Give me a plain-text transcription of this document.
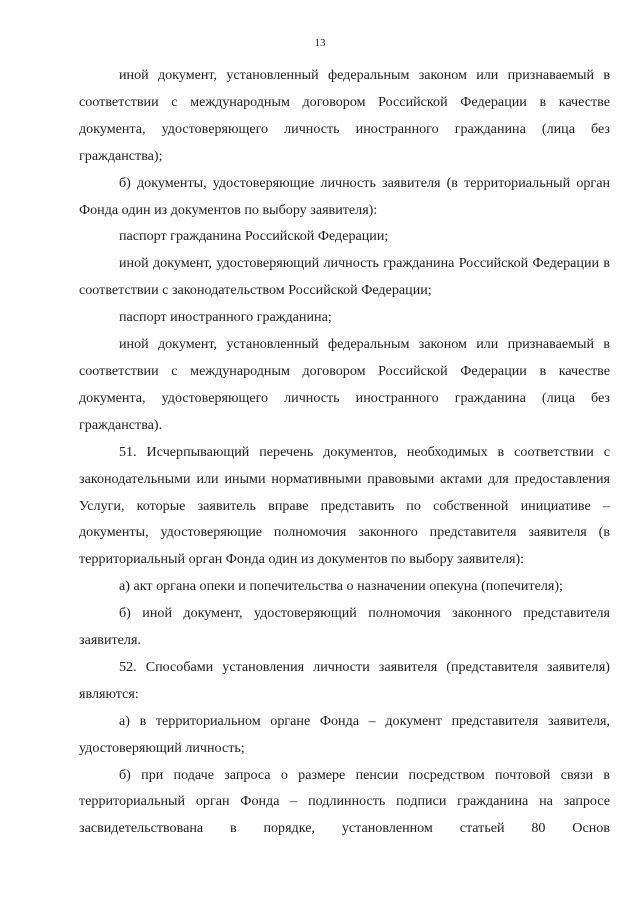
13

иной документ, установленный федеральным законом или признаваемый в соответствии с международным договором Российской Федерации в качестве документа, удостоверяющего личность иностранного гражданина (лица без гражданства);

б) документы, удостоверяющие личность заявителя (в территориальный орган Фонда один из документов по выбору заявителя):

паспорт гражданина Российской Федерации;

иной документ, удостоверяющий личность гражданина Российской Федерации в соответствии с законодательством Российской Федерации;

паспорт иностранного гражданина;

иной документ, установленный федеральным законом или признаваемый в соответствии с международным договором Российской Федерации в качестве документа, удостоверяющего личность иностранного гражданина (лица без гражданства).

51. Исчерпывающий перечень документов, необходимых в соответствии с законодательными или иными нормативными правовыми актами для предоставления Услуги, которые заявитель вправе представить по собственной инициативе – документы, удостоверяющие полномочия законного представителя заявителя (в территориальный орган Фонда один из документов по выбору заявителя):

а) акт органа опеки и попечительства о назначении опекуна (попечителя);

б) иной документ, удостоверяющий полномочия законного представителя заявителя.

52. Способами установления личности заявителя (представителя заявителя) являются:

а) в территориальном органе Фонда – документ представителя заявителя, удостоверяющий личность;

б) при подаче запроса о размере пенсии посредством почтовой связи в территориальный орган Фонда – подлинность подписи гражданина на запросе засвидетельствована в порядке, установленном статьей 80 Основ
